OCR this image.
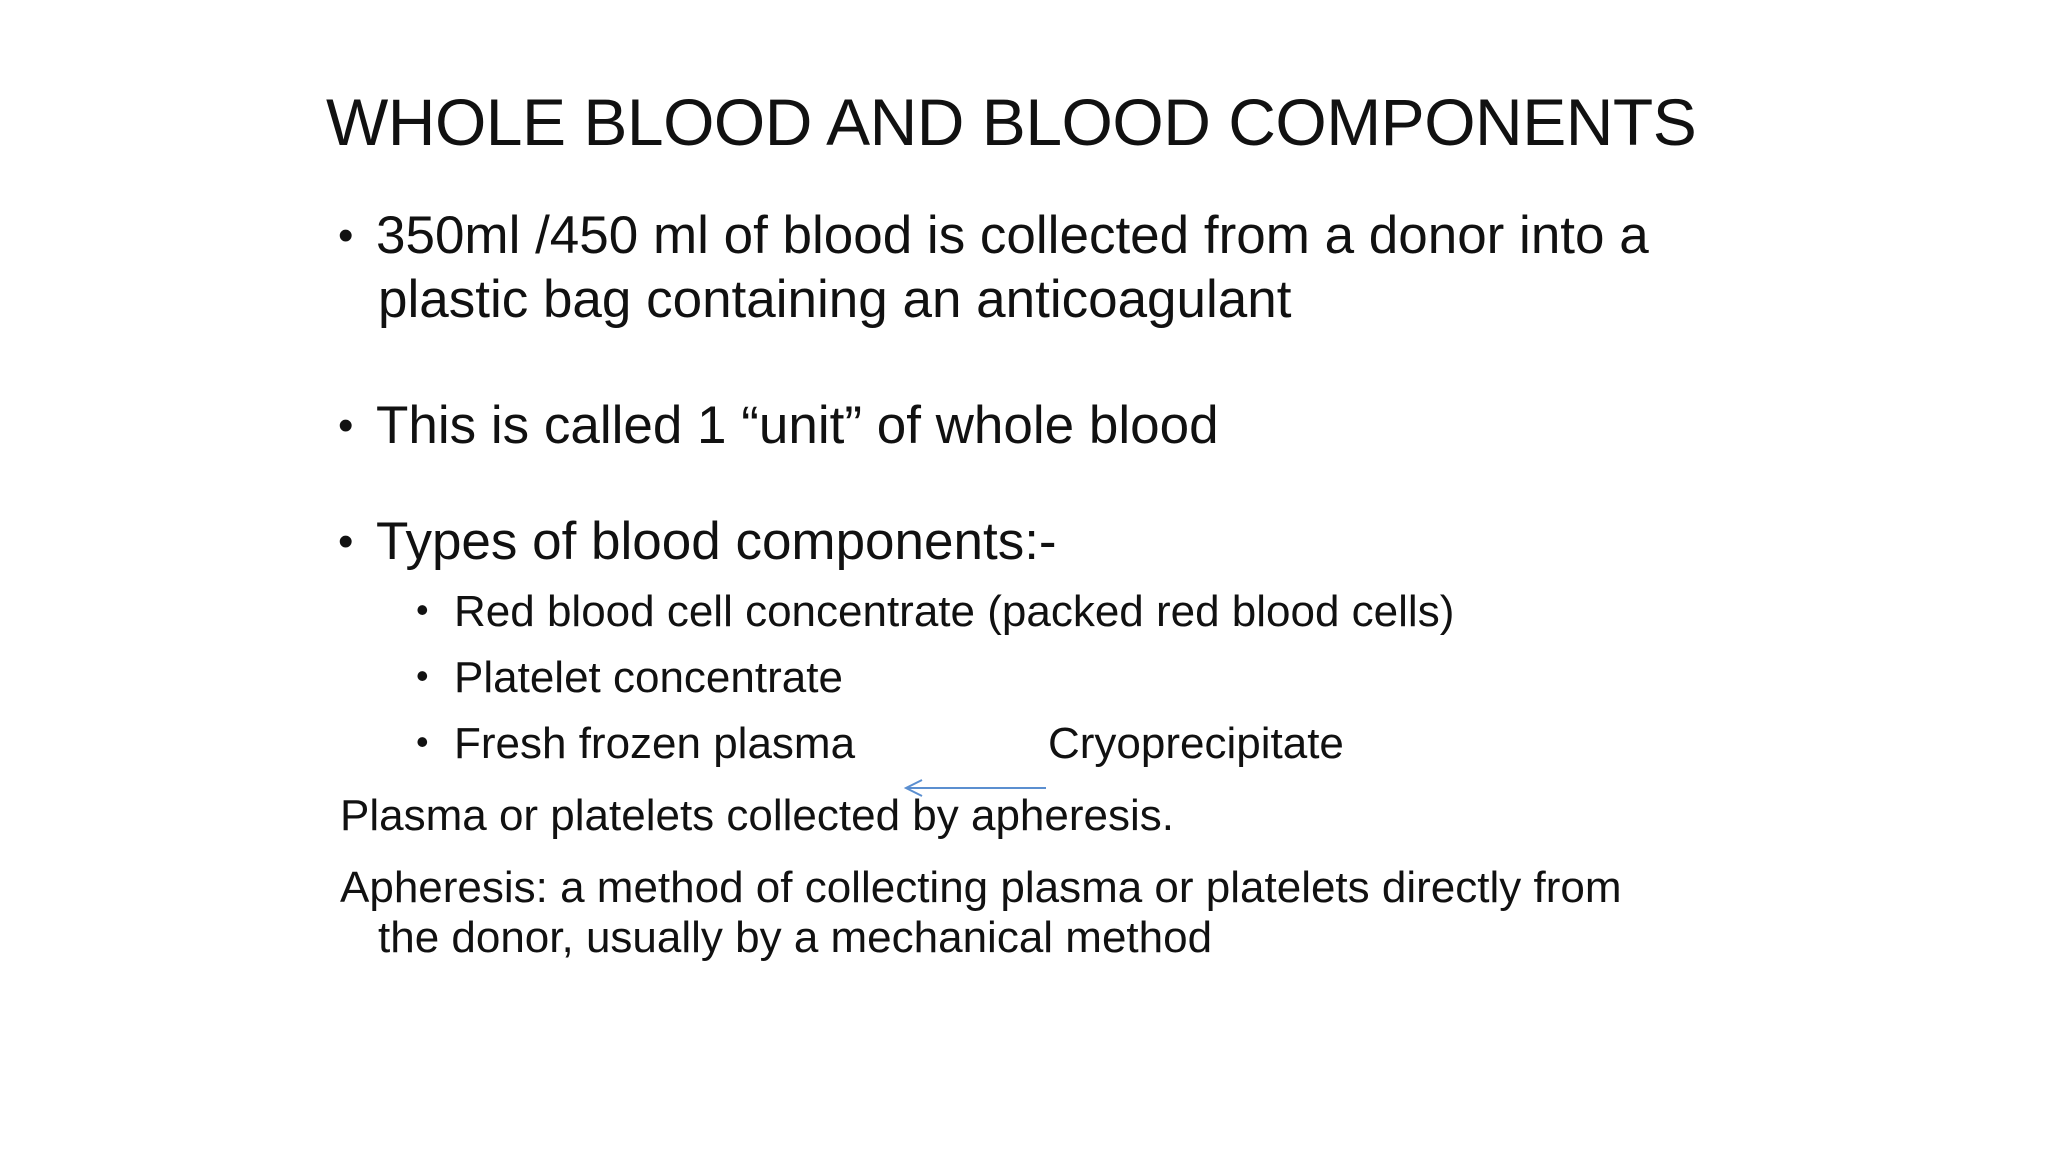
WHOLE BLOOD AND BLOOD COMPONENTS
• 350ml /450 ml of blood is collected from a donor into a
plastic bag containing an anticoagulant
• This is called 1 “unit” of whole blood
• Types of blood components:-
• Red blood cell concentrate (packed red blood cells)
• Platelet concentrate
• Fresh frozen plasma	Cryoprecipitate
Plasma or platelets collected by apheresis.
Apheresis: a method of collecting plasma or platelets directly from
the donor, usually by a mechanical method
